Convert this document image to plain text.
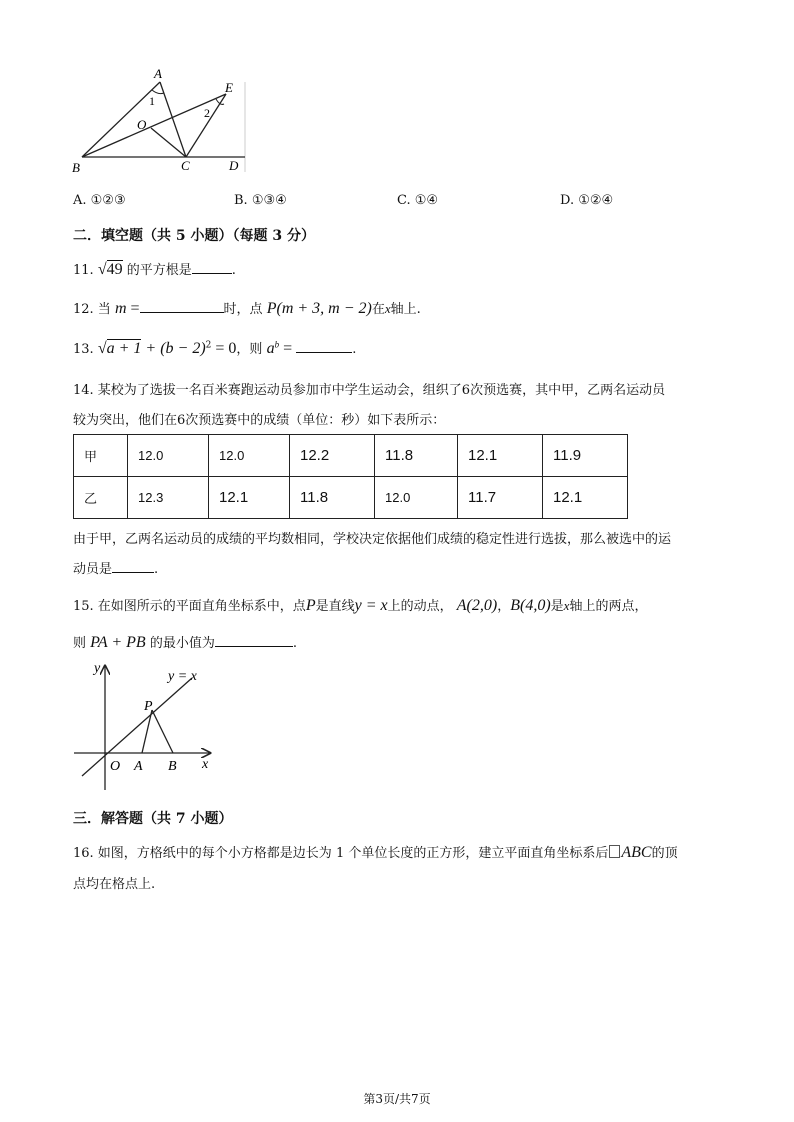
A
1
E
2
O
B	C	D
A. ①②③	B. ①③④	C. ①④	D. ①②④
二．填空题（共 5 小题）（每题 3 分）
11. √49 的平方根是	.
12. 当 m =	时，点 P(m + 3, m − 2)在x轴上.
13. $√a + 1 + (b - 2)^2 = 0$，则 $a^b$ =	.
14. 某校为了选拔一名百米赛跑运动员参加市中学生运动会，组织了6次预选赛，其中甲，乙两名运动员
较为突出，他们在6次预选赛中的成绩（单位：秒）如下表所示：
甲	12.0	12.0	12.2	11.8	12.1	11.9
乙	12.3	12.1	11.8	12.0	11.7	12.1
由于甲，乙两名运动员的成绩的平均数相同，学校决定依据他们成绩的稳定性进行选拔，那么被选中的运
动员是	.
15. 在如图所示的平面直角坐标系中，点P是直线y = x上的动点， A(2,0)，B(4,0)是x轴上的两点，
则 PA + PB 的最小值为	.
y
y = x
P
O A B x
三．解答题（共 7 小题）
16. 如图，方格纸中的每个小方格都是边长为 1 个单位长度的正方形，建立平面直角坐标系后 ABC的顶
点均在格点上.
第3页/共7页
